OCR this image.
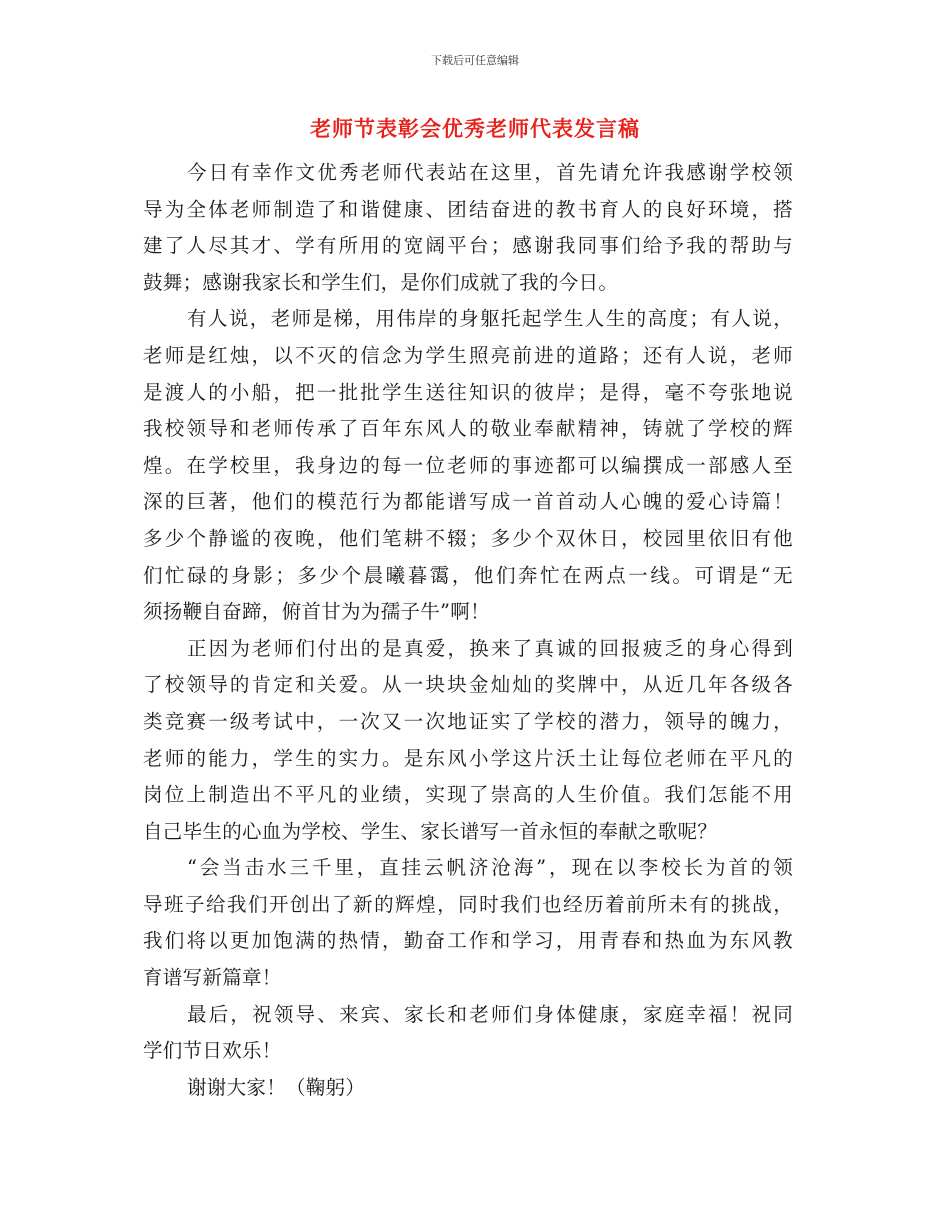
下载后可任意编辑
老师节表彰会优秀老师代表发言稿
今日有幸作文优秀老师代表站在这里，首先请允许我感谢学校领
导为全体老师制造了和谐健康、团结奋进的教书育人的良好环境，搭
建了人尽其才、学有所用的宽阔平台；感谢我同事们给予我的帮助与
鼓舞；感谢我家长和学生们，是你们成就了我的今日。
有人说，老师是梯，用伟岸的身躯托起学生人生的高度；有人说，
老师是红烛，以不灭的信念为学生照亮前进的道路；还有人说，老师
是渡人的小船，把一批批学生送往知识的彼岸；是得，毫不夸张地说
我校领导和老师传承了百年东风人的敬业奉献精神，铸就了学校的辉
煌。在学校里，我身边的每一位老师的事迹都可以编撰成一部感人至
深的巨著，他们的模范行为都能谱写成一首首动人心魄的爱心诗篇！
多少个静谧的夜晚，他们笔耕不辍；多少个双休日，校园里依旧有他
们忙碌的身影；多少个晨曦暮霭，他们奔忙在两点一线。可谓是“无
须扬鞭自奋蹄，俯首甘为为孺子牛”啊！
正因为老师们付出的是真爱，换来了真诚的回报疲乏的身心得到
了校领导的肯定和关爱。从一块块金灿灿的奖牌中，从近几年各级各
类竞赛一级考试中，一次又一次地证实了学校的潜力，领导的魄力，
老师的能力，学生的实力。是东风小学这片沃土让每位老师在平凡的
岗位上制造出不平凡的业绩，实现了崇高的人生价值。我们怎能不用
自己毕生的心血为学校、学生、家长谱写一首永恒的奉献之歌呢？
“会当击水三千里，直挂云帆济沧海”，现在以李校长为首的领
导班子给我们开创出了新的辉煌，同时我们也经历着前所未有的挑战，
我们将以更加饱满的热情，勤奋工作和学习，用青春和热血为东风教
育谱写新篇章！
最后，祝领导、来宾、家长和老师们身体健康，家庭幸福！祝同
学们节日欢乐！
谢谢大家！（鞠躬）
